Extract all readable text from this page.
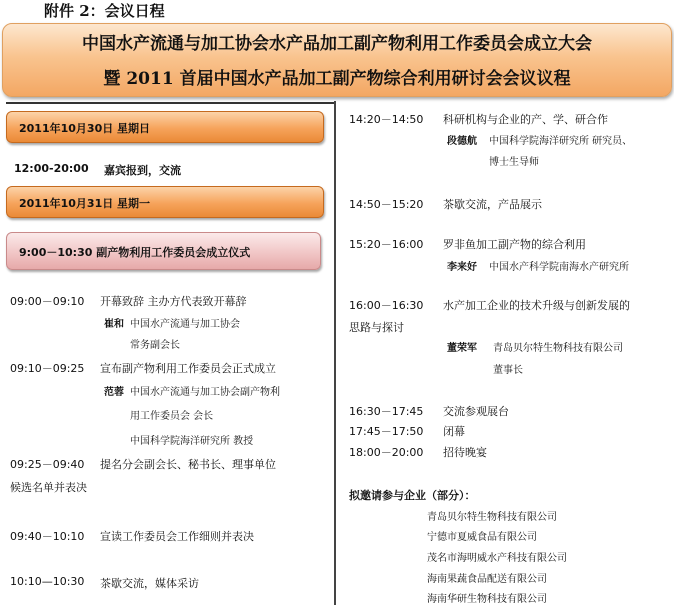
附件 2：会议日程
中国水产流通与加工协会水产品加工副产物利用工作委员会成立大会
暨 2011 首届中国水产品加工副产物综合利用研讨会会议议程
2011年10月30日 星期日
12:00-20:00 嘉宾报到，交流
2011年10月31日 星期一
9:00－10:30 副产物利用工作委员会成立仪式
09:00－09:10 开幕致辞 主办方代表致开幕辞
崔和 中国水产流通与加工协会
常务副会长
09:10－09:25 宣布副产物利用工作委员会正式成立
范蓉 中国水产流通与加工协会副产物利
用工作委员会 会长
中国科学院海洋研究所 教授
09:25－09:40 提名分会副会长、秘书长、理事单位
候选名单并表决
09:40－10:10 宣读工作委员会工作细则并表决
10:10—10:30 茶歇交流，媒体采访
14:20－14:50 科研机构与企业的产、学、研合作
段德航 中国科学院海洋研究所 研究员、
博士生导师
14:50－15:20 茶歇交流，产品展示
15:20－16:00 罗非鱼加工副产物的综合利用
李来好 中国水产科学院南海水产研究所
16:00－16:30 水产加工企业的技术升级与创新发展的
思路与探讨
董荣军 青岛贝尔特生物科技有限公司
董事长
16:30－17:45 交流参观展台
17:45－17:50 闭幕
18:00－20:00 招待晚宴
拟邀请参与企业（部分）：
青岛贝尔特生物科技有限公司
宁德市夏威食品有限公司
茂名市海明威水产科技有限公司
海南果蔬食品配送有限公司
海南华研生物科技有限公司
